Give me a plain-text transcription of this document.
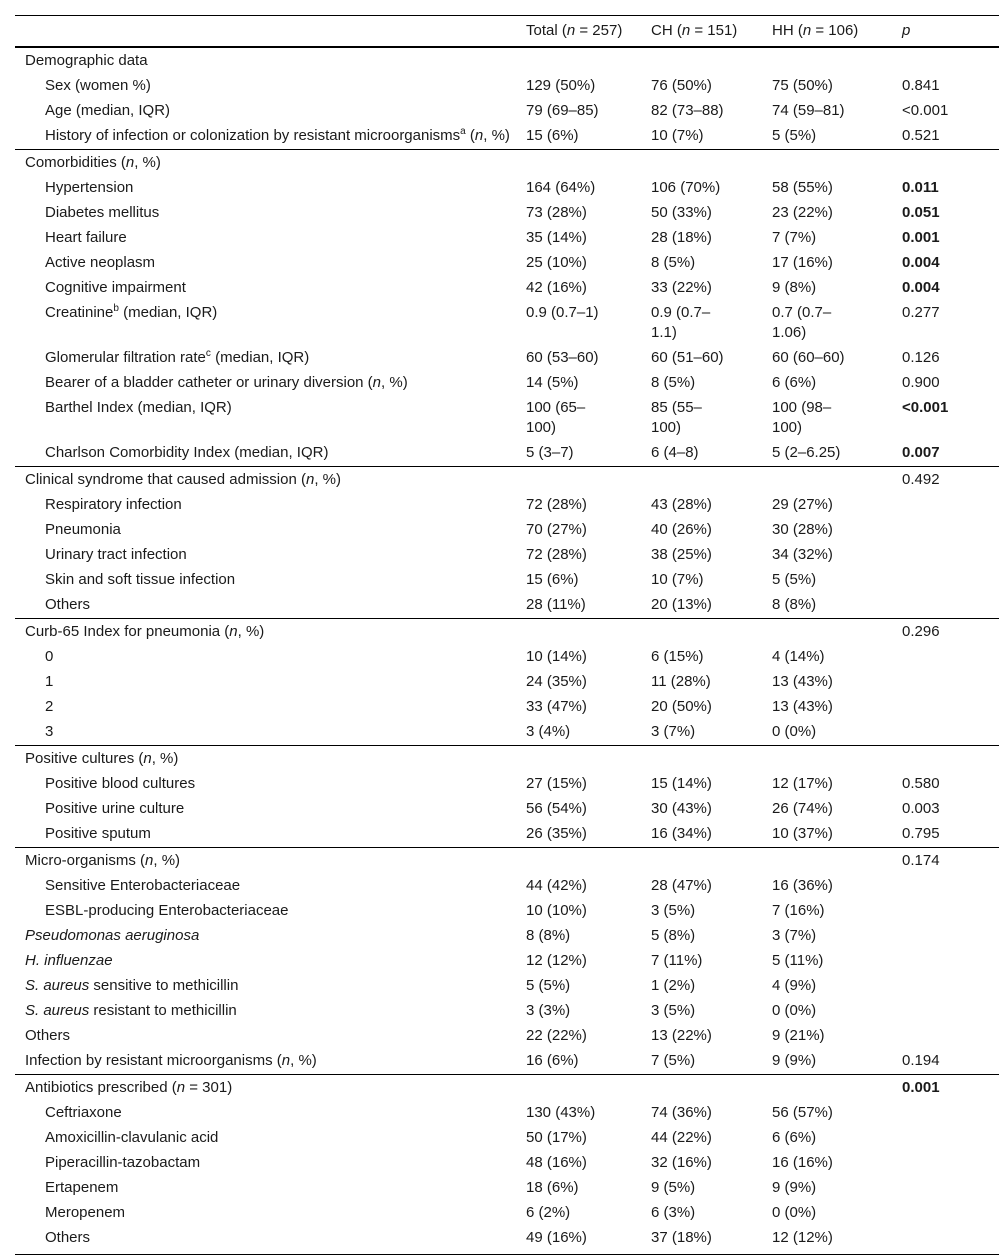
	Total (n = 257)	CH (n = 151)	HH (n = 106)	p
Demographic data				
Sex (women %)	129 (50%)	76 (50%)	75 (50%)	0.841
Age (median, IQR)	79 (69–85)	82 (73–88)	74 (59–81)	<0.001
History of infection or colonization by resistant microorganisms$^a$ (n, %)	15 (6%)	10 (7%)	5 (5%)	0.521
Comorbidities (n, %)				
Hypertension	164 (64%)	106 (70%)	58 (55%)	0.011
Diabetes mellitus	73 (28%)	50 (33%)	23 (22%)	0.051
Heart failure	35 (14%)	28 (18%)	7 (7%)	0.001
Active neoplasm	25 (10%)	8 (5%)	17 (16%)	0.004
Cognitive impairment	42 (16%)	33 (22%)	9 (8%)	0.004
Creatinine$^b$ (median, IQR)	0.9 (0.7–1)	0.9 (0.7–1.1)	0.7 (0.7–1.06)	0.277
Glomerular filtration rate$^c$ (median, IQR)	60 (53–60)	60 (51–60)	60 (60–60)	0.126
Bearer of a bladder catheter or urinary diversion (n, %)	14 (5%)	8 (5%)	6 (6%)	0.900
Barthel Index (median, IQR)	100 (65–100)	85 (55–100)	100 (98–100)	<0.001
Charlson Comorbidity Index (median, IQR)	5 (3–7)	6 (4–8)	5 (2–6.25)	0.007
Clinical syndrome that caused admission (n, %)				0.492
Respiratory infection	72 (28%)	43 (28%)	29 (27%)	
Pneumonia	70 (27%)	40 (26%)	30 (28%)	
Urinary tract infection	72 (28%)	38 (25%)	34 (32%)	
Skin and soft tissue infection	15 (6%)	10 (7%)	5 (5%)	
Others	28 (11%)	20 (13%)	8 (8%)	
Curb-65 Index for pneumonia (n, %)				0.296
0	10 (14%)	6 (15%)	4 (14%)	
1	24 (35%)	11 (28%)	13 (43%)	
2	33 (47%)	20 (50%)	13 (43%)	
3	3 (4%)	3 (7%)	0 (0%)	
Positive cultures (n, %)				
Positive blood cultures	27 (15%)	15 (14%)	12 (17%)	0.580
Positive urine culture	56 (54%)	30 (43%)	26 (74%)	0.003
Positive sputum	26 (35%)	16 (34%)	10 (37%)	0.795
Micro-organisms (n, %)				0.174
Sensitive Enterobacteriaceae	44 (42%)	28 (47%)	16 (36%)	
ESBL-producing Enterobacteriaceae	10 (10%)	3 (5%)	7 (16%)	
Pseudomonas aeruginosa	8 (8%)	5 (8%)	3 (7%)	
H. influenzae	12 (12%)	7 (11%)	5 (11%)	
S. aureus sensitive to methicillin	5 (5%)	1 (2%)	4 (9%)	
S. aureus resistant to methicillin	3 (3%)	3 (5%)	0 (0%)	
Others	22 (22%)	13 (22%)	9 (21%)	
Infection by resistant microorganisms (n, %)	16 (6%)	7 (5%)	9 (9%)	0.194
Antibiotics prescribed (n = 301)				0.001
Ceftriaxone	130 (43%)	74 (36%)	56 (57%)	
Amoxicillin-clavulanic acid	50 (17%)	44 (22%)	6 (6%)	
Piperacillin-tazobactam	48 (16%)	32 (16%)	16 (16%)	
Ertapenem	18 (6%)	9 (5%)	9 (9%)	
Meropenem	6 (2%)	6 (3%)	0 (0%)	
Others	49 (16%)	37 (18%)	12 (12%)	
